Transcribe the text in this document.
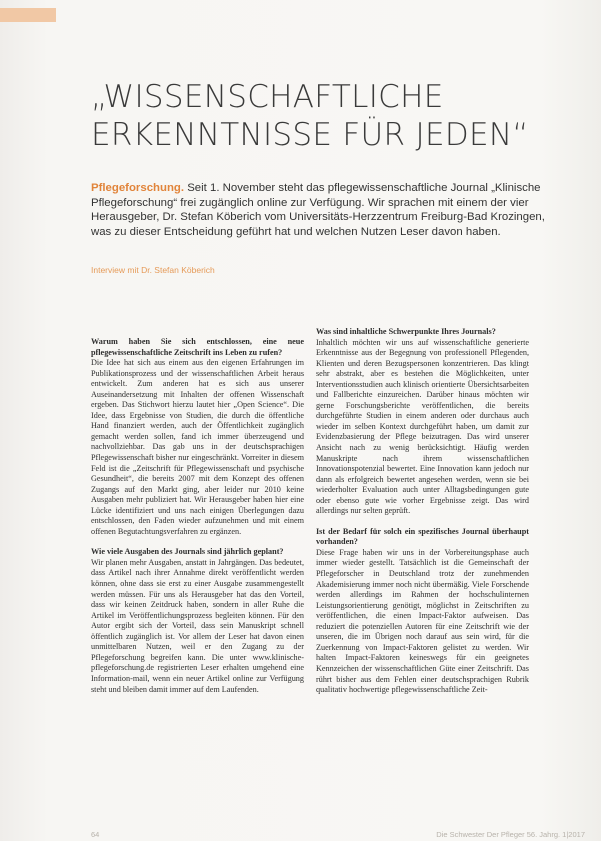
„WISSENSCHAFTLICHE
ERKENNTNISSE FÜR JEDEN“

Pflegeforschung. Seit 1. November steht das pflegewissenschaftliche Journal „Klinische Pflegeforschung“ frei zugänglich online zur Verfügung. Wir sprachen mit einem der vier Herausgeber, Dr. Stefan Köberich vom Universitäts-Herzzentrum Freiburg-Bad Krozingen, was zu dieser Entscheidung geführt hat und welchen Nutzen Leser davon haben.

Interview mit Dr. Stefan Köberich

Warum haben Sie sich entschlossen, eine neue pflegewissenschaftliche Zeitschrift ins Leben zu rufen?

Die Idee hat sich aus einem aus den eigenen Erfahrungen im Publikationsprozess und der wissenschaftlichen Arbeit heraus entwickelt. Zum anderen hat es sich aus unserer Auseinandersetzung mit Inhalten der offenen Wissenschaft ergeben. Das Stichwort hierzu lautet hier „Open Science“. Die Idee, dass Ergebnisse von Studien, die durch die öffentliche Hand finanziert werden, auch der Öffentlichkeit zugänglich gemacht werden sollen, fand ich immer überzeugend und nachvollziehbar. Das gab uns in der deutschsprachigen Pflegewissenschaft bisher nur eingeschränkt. Vorreiter in diesem Feld ist die „Zeitschrift für Pflegewissenschaft und psychische Gesundheit“, die bereits 2007 mit dem Konzept des offenen Zugangs auf den Markt ging, aber leider nur 2010 keine Ausgaben mehr publiziert hat. Wir Herausgeber haben hier eine Lücke identifiziert und uns nach einigen Überlegungen dazu entschlossen, den Faden wieder aufzunehmen und mit einem offenen Begutachtungsverfahren zu ergänzen.

Wie viele Ausgaben des Journals sind jährlich geplant?

Wir planen mehr Ausgaben, anstatt in Jahrgängen. Das bedeutet, dass Artikel nach ihrer Annahme direkt veröffentlicht werden können, ohne dass sie erst zu einer Ausgabe zusammengestellt werden müssen. Für uns als Herausgeber hat das den Vorteil, dass wir keinen Zeitdruck haben, sondern in aller Ruhe die Artikel im Veröffentlichungsprozess begleiten können. Für den Autor ergibt sich der Vorteil, dass sein Manuskript schnell öffentlich zugänglich ist. Vor allem der Leser hat davon einen unmittelbaren Nutzen, weil er den Zugang zu der Pflegeforschung begreifen kann. Die unter www.klinische-pflegeforschung.de registrierten Leser erhalten umgehend eine Information-mail, wenn ein neuer Artikel online zur Verfügung steht und bleiben damit immer auf dem Laufenden.

Was sind inhaltliche Schwerpunkte Ihres Journals?

Inhaltlich möchten wir uns auf wissenschaftliche generierte Erkenntnisse aus der Begegnung von professionell Pflegenden, Klienten und deren Bezugspersonen konzentrieren. Das klingt sehr abstrakt, aber es bestehen die Möglichkeiten, unter Interventionsstudien auch klinisch orientierte Übersichtsarbeiten und Fallberichte einzureichen. Darüber hinaus möchten wir gerne Forschungsberichte veröffentlichen, die bereits durchgeführte Studien in einem anderen oder durchaus auch wieder im selben Kontext durchgeführt haben, um damit zur Evidenzbasierung der Pflege beizutragen. Das wird unserer Ansicht nach zu wenig berücksichtigt. Häufig werden Manuskripte nach ihrem wissenschaftlichen Innovationspotenzial bewertet. Eine Innovation kann jedoch nur dann als erfolgreich bewertet angesehen werden, wenn sie bei wiederholter Evaluation auch unter Alltagsbedingungen gute oder ebenso gute wie vorher Ergebnisse zeigt. Das wird allerdings nur selten geprüft.

Ist der Bedarf für solch ein spezifisches Journal überhaupt vorhanden?

Diese Frage haben wir uns in der Vorbereitungsphase auch immer wieder gestellt. Tatsächlich ist die Gemeinschaft der Pflegeforscher in Deutschland trotz der zunehmenden Akademisierung immer noch nicht übermäßig. Viele Forschende werden allerdings im Rahmen der hochschulinternen Leistungsorientierung genötigt, möglichst in Zeitschriften zu veröffentlichen, die einen Impact-Faktor aufweisen. Das reduziert die potenziellen Autoren für eine Zeitschrift wie der unseren, die im Übrigen noch darauf aus sein wird, für die Zuerkennung von Impact-Faktoren gelistet zu werden. Wir halten Impact-Faktoren keineswegs für ein geeignetes Kennzeichen der wissenschaftlichen Güte einer Zeitschrift. Das rührt bisher aus dem Fehlen einer deutschsprachigen Rubrik qualitativ hochwertige pflegewissenschaftliche Zeit-

64	Die Schwester Der Pfleger 56. Jahrg. 1|2017
